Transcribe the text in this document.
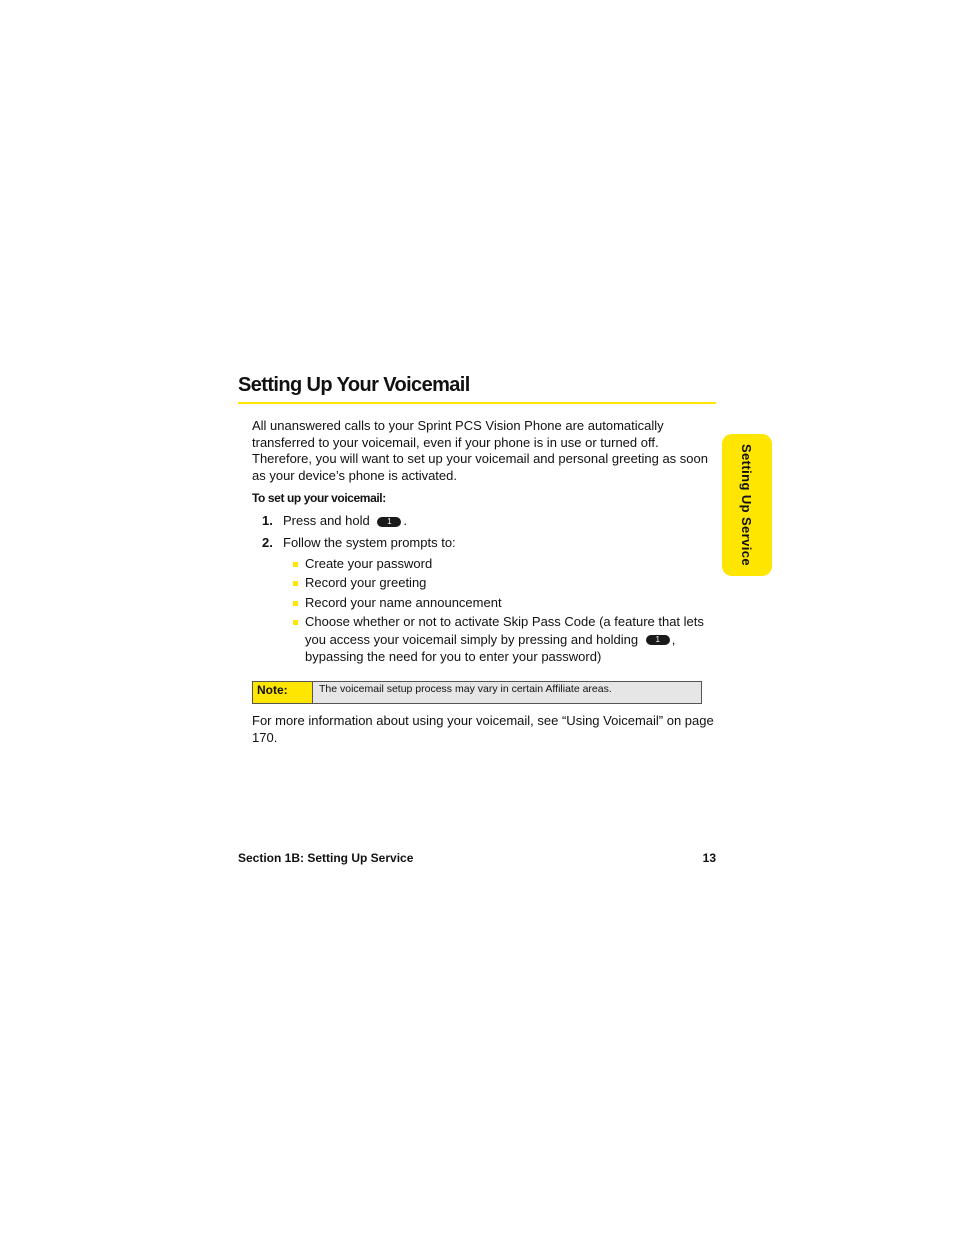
Setting Up Your Voicemail
Setting Up Service

All unanswered calls to your Sprint PCS Vision Phone are automatically transferred to your voicemail, even if your phone is in use or turned off. Therefore, you will want to set up your voicemail and personal greeting as soon as your device’s phone is activated.

To set up your voicemail:

1. Press and hold 1 .
2. Follow the system prompts to:
Create your password
Record your greeting
Record your name announcement
Choose whether or not to activate Skip Pass Code (a feature that lets you access your voicemail simply by pressing and holding 1 , bypassing the need for you to enter your password)
Note:	The voicemail setup process may vary in certain Affiliate areas.

For more information about using your voicemail, see “Using Voicemail” on page 170.

Section 1B: Setting Up Service	13
